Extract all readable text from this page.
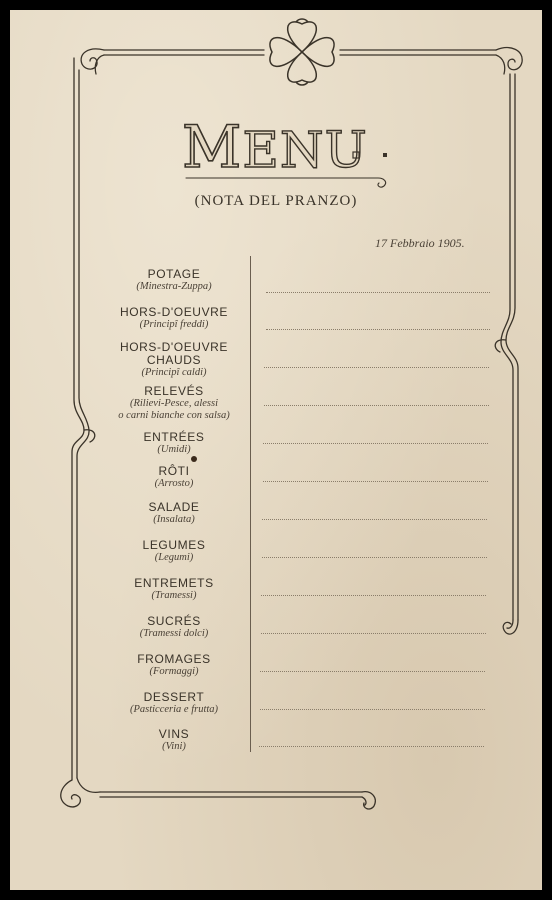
MENU
(NOTA DEL PRANZO)
17 Febbraio 1905.
POTAGE
(Minestra-Zuppa)
HORS-D'OEUVRE
(Principî freddi)
HORS-D'OEUVRE
CHAUDS
(Principî caldi)
RELEVÉS
(Rilievi-Pesce, alessi
o carni bianche con salsa)
ENTRÉES
(Umidi)
RÔTI
(Arrosto)
SALADE
(Insalata)
LEGUMES
(Legumi)
ENTREMETS
(Tramessi)
SUCRÉS
(Tramessi dolci)
FROMAGES
(Formaggi)
DESSERT
(Pasticceria e frutta)
VINS
(Vini)
